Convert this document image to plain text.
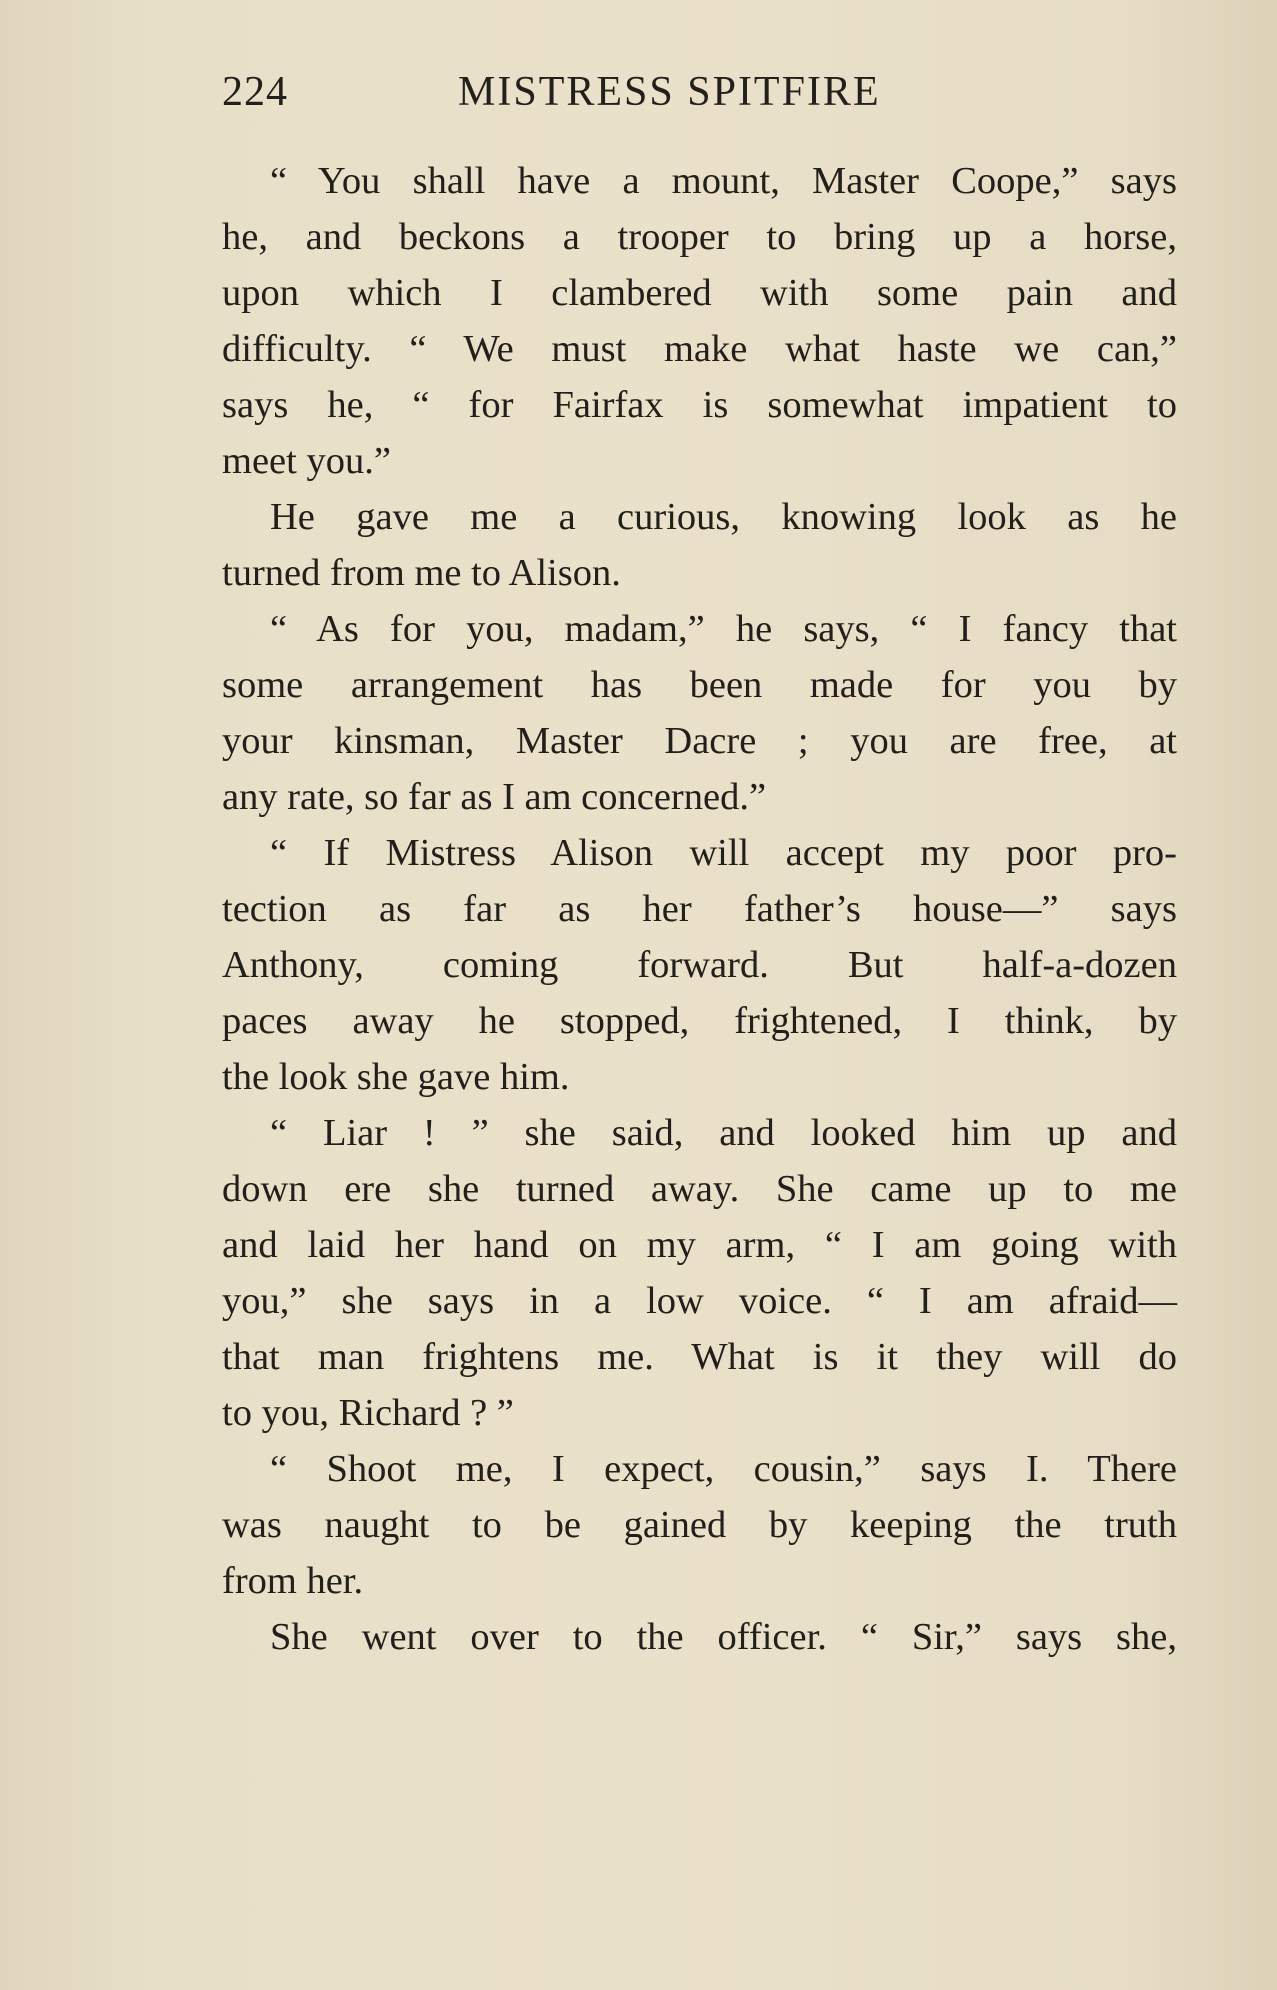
224	MISTRESS SPITFIRE
“ You shall have a mount, Master Coope,” says
he, and beckons a trooper to bring up a horse,
upon which I clambered with some pain and
difficulty. “ We must make what haste we can,”
says he, “ for Fairfax is somewhat impatient to
meet you.”
He gave me a curious, knowing look as he
turned from me to Alison.
“ As for you, madam,” he says, “ I fancy that
some arrangement has been made for you by
your kinsman, Master Dacre ; you are free, at
any rate, so far as I am concerned.”
“ If Mistress Alison will accept my poor pro-
tection as far as her father’s house—” says
Anthony, coming forward. But half-a-dozen
paces away he stopped, frightened, I think, by
the look she gave him.
“ Liar ! ” she said, and looked him up and
down ere she turned away. She came up to me
and laid her hand on my arm, “ I am going with
you,” she says in a low voice. “ I am afraid—
that man frightens me. What is it they will do
to you, Richard ? ”
“ Shoot me, I expect, cousin,” says I. There
was naught to be gained by keeping the truth
from her.
She went over to the officer. “ Sir,” says she,
